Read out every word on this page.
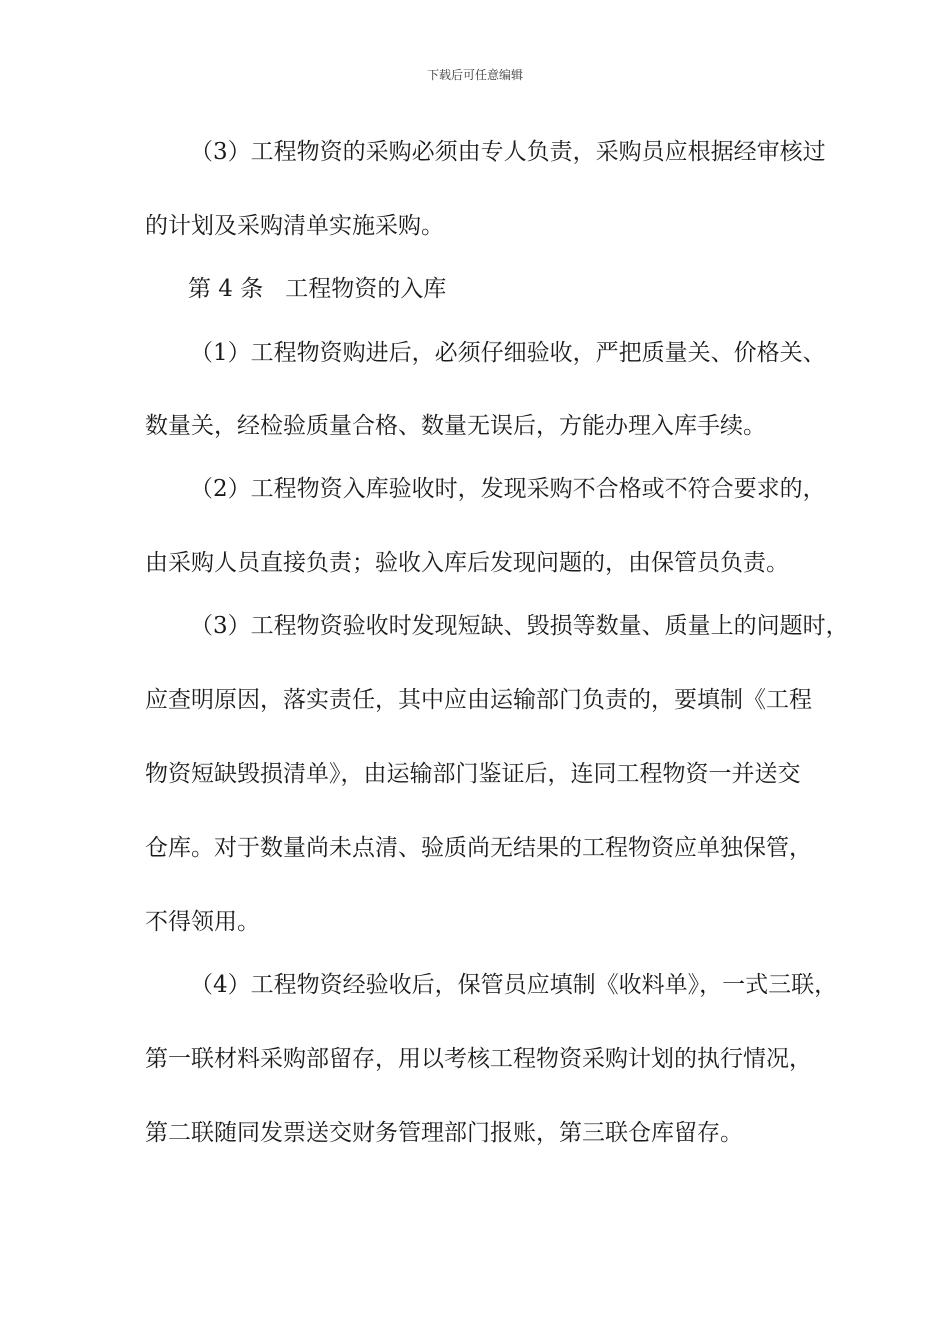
下载后可任意编辑
（3）工程物资的采购必须由专人负责，采购员应根据经审核过
的计划及采购清单实施采购。
第 4 条 工程物资的入库
（1）工程物资购进后，必须仔细验收，严把质量关、价格关、
数量关，经检验质量合格、数量无误后，方能办理入库手续。
（2）工程物资入库验收时，发现采购不合格或不符合要求的，
由采购人员直接负责；验收入库后发现问题的，由保管员负责。
（3）工程物资验收时发现短缺、毁损等数量、质量上的问题时，
应查明原因，落实责任，其中应由运输部门负责的，要填制《工程
物资短缺毁损清单》，由运输部门鉴证后，连同工程物资一并送交
仓库。对于数量尚未点清、验质尚无结果的工程物资应单独保管，
不得领用。
（4）工程物资经验收后，保管员应填制《收料单》，一式三联，
第一联材料采购部留存，用以考核工程物资采购计划的执行情况，
第二联随同发票送交财务管理部门报账，第三联仓库留存。
